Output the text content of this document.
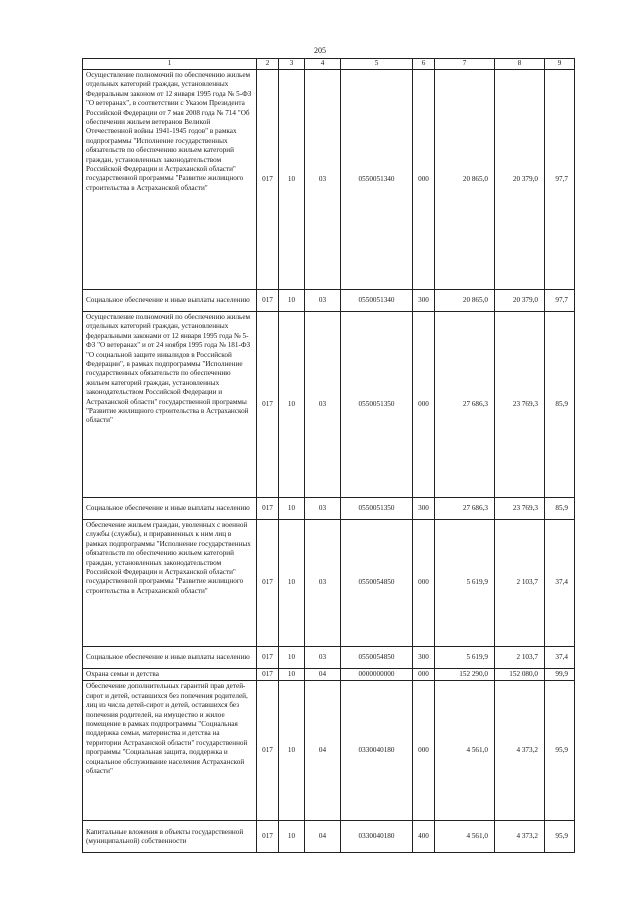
205
1	2	3	4	5	6	7	8	9
Осуществление полномочий по обеспечению жильем отдельных категорий граждан, установленных Федеральным законом от 12 января 1995 года № 5-ФЗ "О ветеранах", в соответствии с Указом Президента Российской Федерации от 7 мая 2008 года № 714 "Об обеспечении жильем ветеранов Великой Отечественной войны 1941-1945 годов" в рамках подпрограммы "Исполнение государственных обязательств по обеспечению жильем категорий граждан, установленных законодательством Российской Федерации и Астраханской области" государственной программы "Развитие жилищного строительства в Астраханской области"	017	10	03	0550051340	000	20 865,0	20 379,0	97,7
Социальное обеспечение и иные выплаты населению	017	10	03	0550051340	300	20 865,0	20 379,0	97,7
Осуществление полномочий по обеспечению жильем отдельных категорий граждан, установленных федеральными законами от 12 января 1995 года № 5-ФЗ "О ветеранах" и от 24 ноября 1995 года № 181-ФЗ "О социальной защите инвалидов в Российской Федерации", в рамках подпрограммы "Исполнение государственных обязательств по обеспечению жильем категорий граждан, установленных законодательством Российской Федерации и Астраханской области" государственной программы "Развитие жилищного строительства в Астраханской области"	017	10	03	0550051350	000	27 686,3	23 769,3	85,9
Социальное обеспечение и иные выплаты населению	017	10	03	0550051350	300	27 686,3	23 769,3	85,9
Обеспечение жильем граждан, уволенных с военной службы (службы), и приравненных к ним лиц в рамках подпрограммы "Исполнение государственных обязательств по обеспечению жильем категорий граждан, установленных законодательством Российской Федерации и Астраханской области" государственной программы "Развитие жилищного строительства в Астраханской области"	017	10	03	0550054850	000	5 619,9	2 103,7	37,4
Социальное обеспечение и иные выплаты населению	017	10	03	0550054850	300	5 619,9	2 103,7	37,4
Охрана семьи и детства	017	10	04	0000000000	000	152 290,0	152 080,0	99,9
Обеспечение дополнительных гарантий прав детей-сирот и детей, оставшихся без попечения родителей, лиц из числа детей-сирот и детей, оставшихся без попечения родителей, на имущество и жилое помещение в рамках подпрограммы "Социальная поддержка семьи, материнства и детства на территории Астраханской области" государственной программы "Социальная защита, поддержка и социальное обслуживание населения Астраханской области"	017	10	04	0330040180	000	4 561,0	4 373,2	95,9
Капитальные вложения в объекты государственной (муниципальной) собственности	017	10	04	0330040180	400	4 561,0	4 373,2	95,9
